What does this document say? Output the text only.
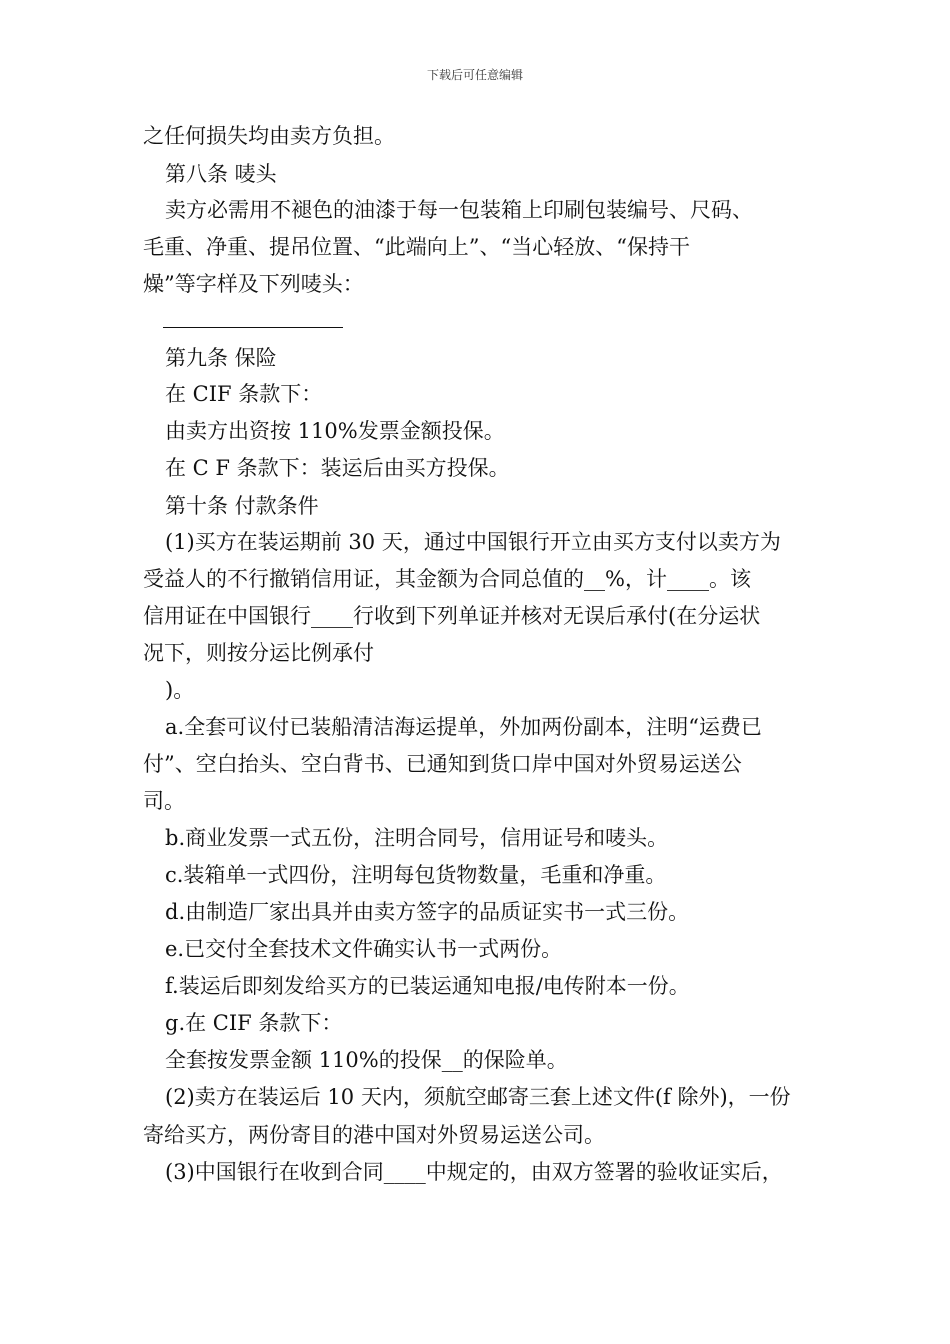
下载后可任意编辑
之任何损失均由卖方负担。
第八条 唛头
卖方必需用不褪色的油漆于每一包装箱上印刷包装编号、尺码、
毛重、净重、提吊位置、“此端向上”、“当心轻放、“保持干
燥”等字样及下列唛头：
第九条 保险
在 CIF 条款下：
由卖方出资按 110%发票金额投保。
在 C F 条款下：装运后由买方投保。
第十条 付款条件
(1)买方在装运期前 30 天，通过中国银行开立由买方支付以卖方为
受益人的不行撤销信用证，其金额为合同总值的__%，计____。该
信用证在中国银行____行收到下列单证并核对无误后承付(在分运状
况下，则按分运比例承付
)。
a.全套可议付已装船清洁海运提单，外加两份副本，注明“运费已
付”、空白抬头、空白背书、已通知到货口岸中国对外贸易运送公
司。
b.商业发票一式五份，注明合同号，信用证号和唛头。
c.装箱单一式四份，注明每包货物数量，毛重和净重。
d.由制造厂家出具并由卖方签字的品质证实书一式三份。
e.已交付全套技术文件确实认书一式两份。
f.装运后即刻发给买方的已装运通知电报/电传附本一份。
g.在 CIF 条款下：
全套按发票金额 110%的投保__的保险单。
(2)卖方在装运后 10 天内，须航空邮寄三套上述文件(f 除外)，一份
寄给买方，两份寄目的港中国对外贸易运送公司。
(3)中国银行在收到合同____中规定的，由双方签署的验收证实后，
